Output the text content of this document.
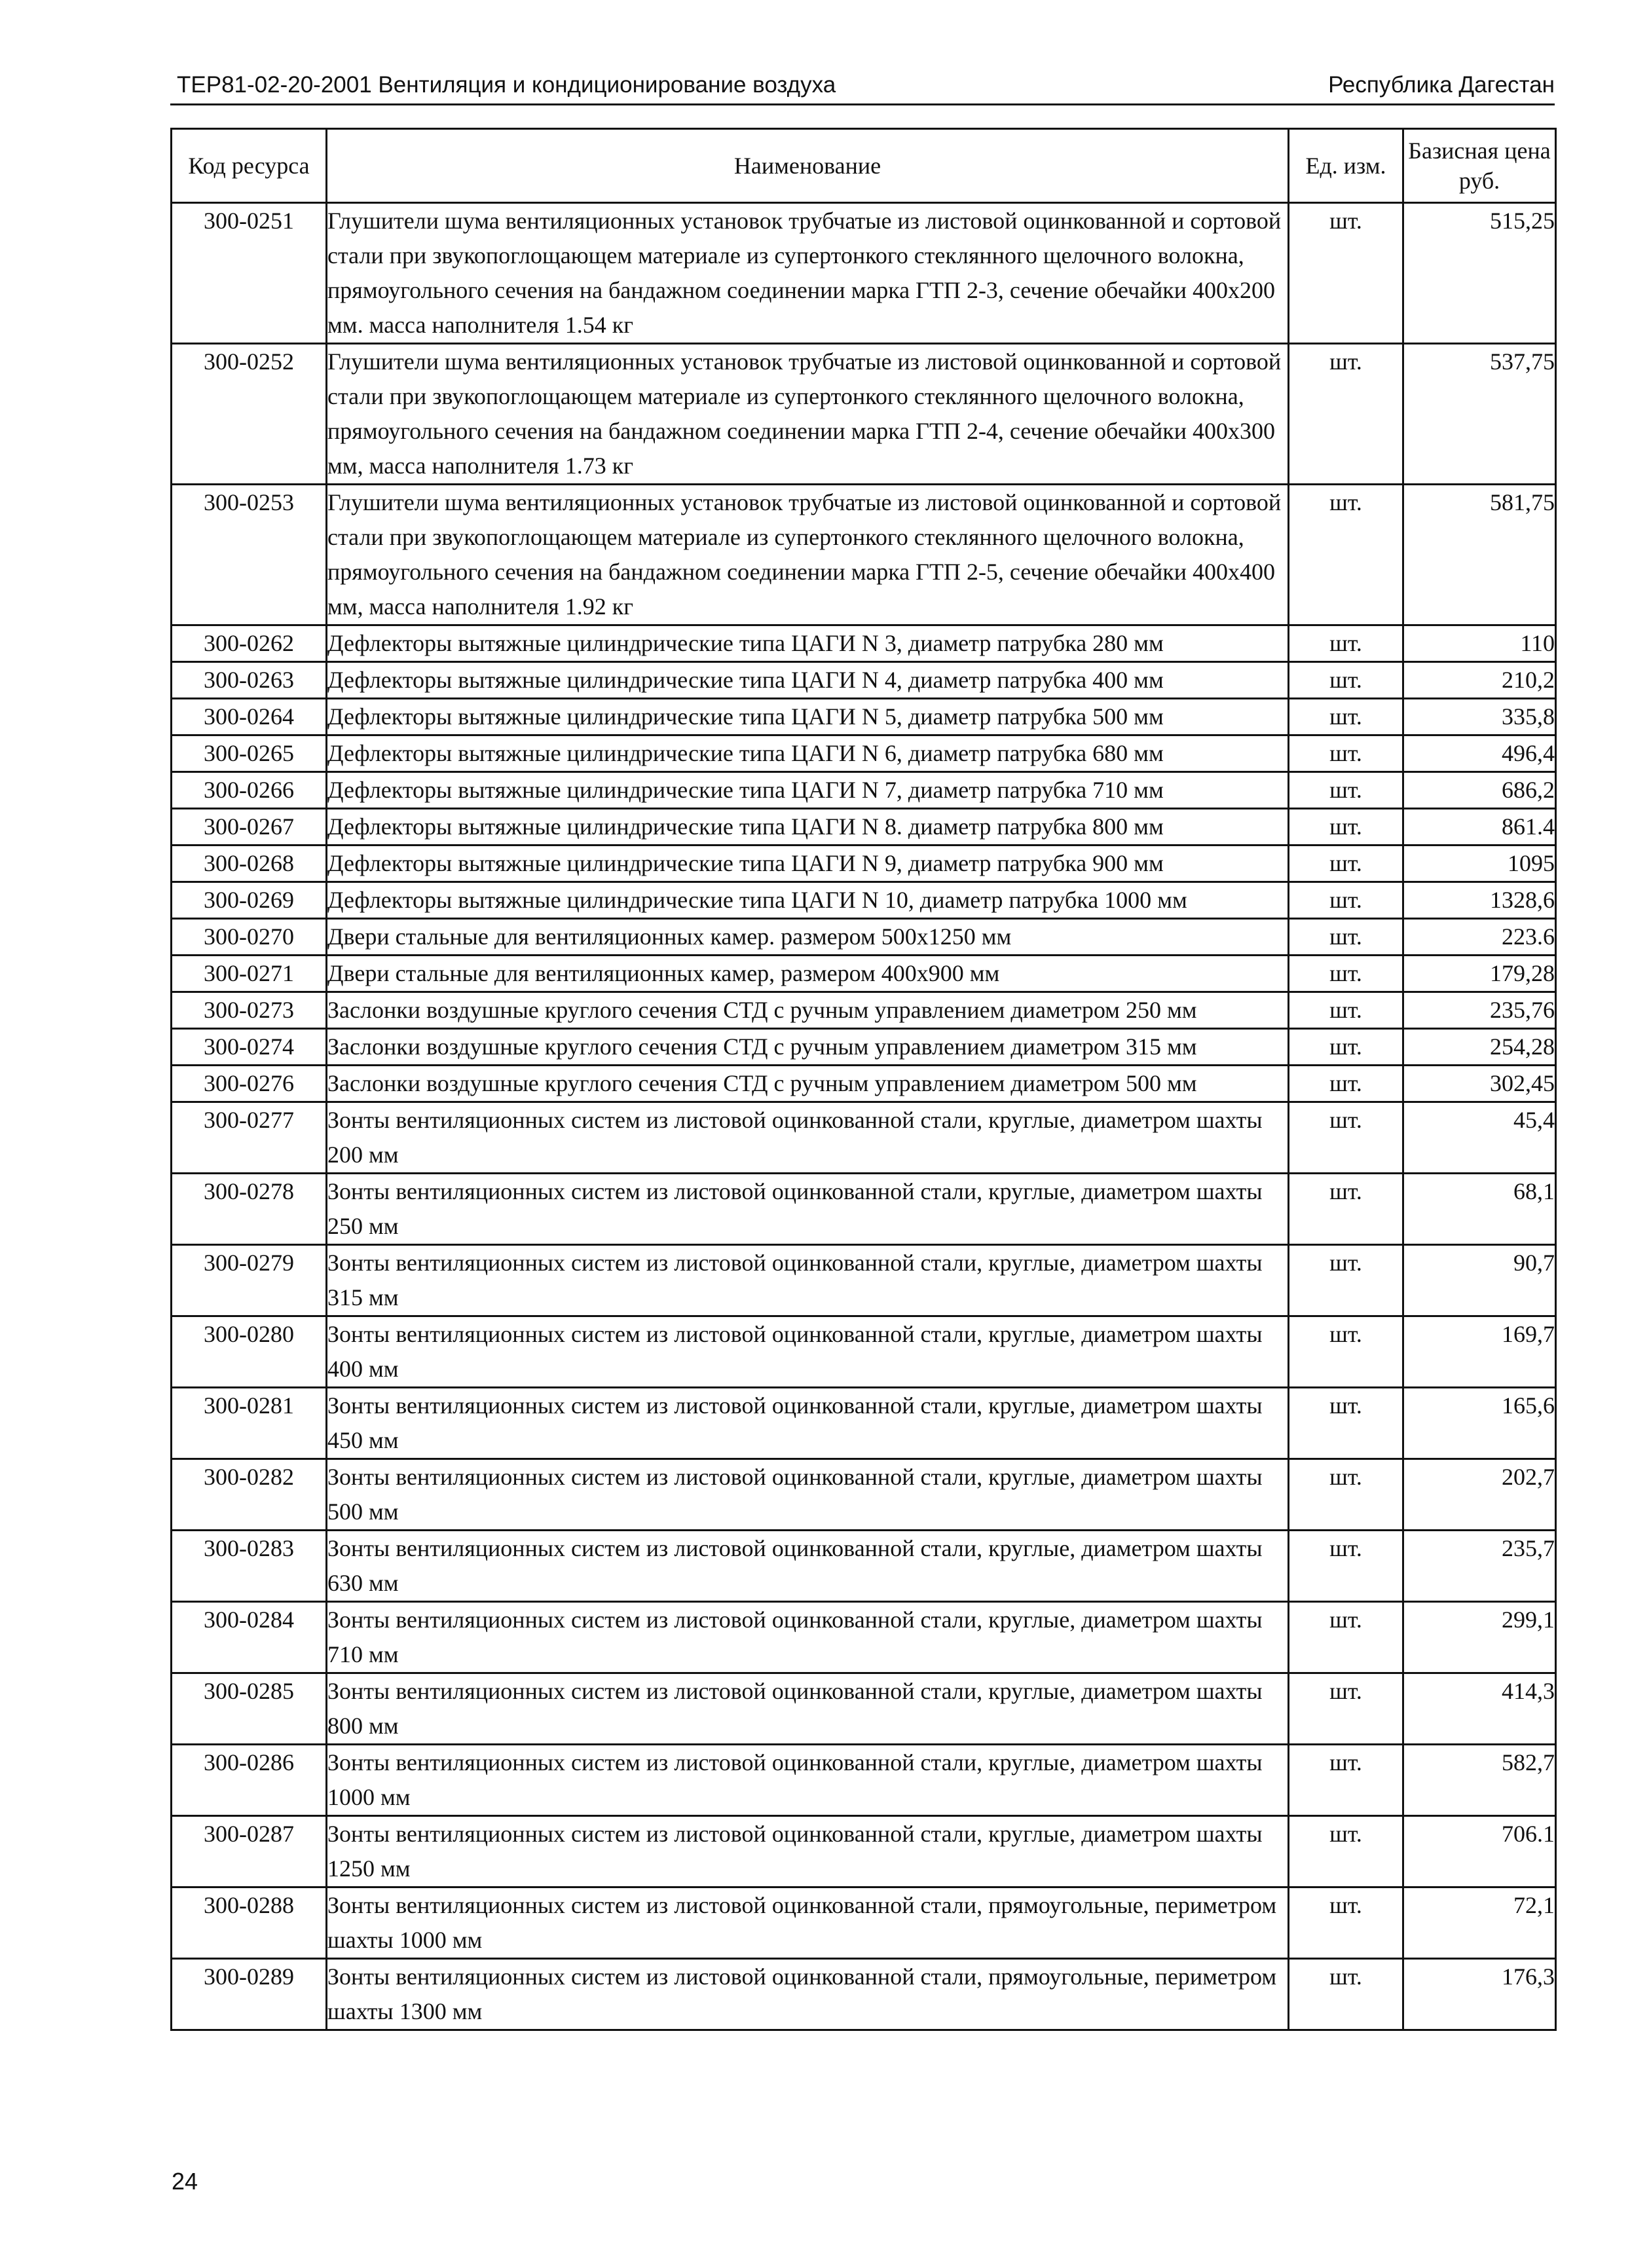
ТЕР81-02-20-2001 Вентиляция и кондиционирование воздуха	Республика Дагестан
Код ресурса	Наименование	Ед. изм.	Базисная цена руб.
300-0251	Глушители шума вентиляционных установок трубчатые из листовой оцинкованной и сортовой стали при звукопоглощающем материале из супертонкого стеклянного щелочного волокна, прямоугольного сечения на бандажном соединении марка ГТП 2-3, сечение обечайки 400х200 мм. масса наполнителя 1.54 кг	шт.	515,25
300-0252	Глушители шума вентиляционных установок трубчатые из листовой оцинкованной и сортовой стали при звукопоглощающем материале из супертонкого стеклянного щелочного волокна, прямоугольного сечения на бандажном соединении марка ГТП 2-4, сечение обечайки 400х300 мм, масса наполнителя 1.73 кг	шт.	537,75
300-0253	Глушители шума вентиляционных установок трубчатые из листовой оцинкованной и сортовой стали при звукопоглощающем материале из супертонкого стеклянного щелочного волокна, прямоугольного сечения на бандажном соединении марка ГТП 2-5, сечение обечайки 400х400 мм, масса наполнителя 1.92 кг	шт.	581,75
300-0262	Дефлекторы вытяжные цилиндрические типа ЦАГИ N 3, диаметр патрубка 280 мм	шт.	110
300-0263	Дефлекторы вытяжные цилиндрические типа ЦАГИ N 4, диаметр патрубка 400 мм	шт.	210,2
300-0264	Дефлекторы вытяжные цилиндрические типа ЦАГИ N 5, диаметр патрубка 500 мм	шт.	335,8
300-0265	Дефлекторы вытяжные цилиндрические типа ЦАГИ N 6, диаметр патрубка 680 мм	шт.	496,4
300-0266	Дефлекторы вытяжные цилиндрические типа ЦАГИ N 7, диаметр патрубка 710 мм	шт.	686,2
300-0267	Дефлекторы вытяжные цилиндрические типа ЦАГИ N 8. диаметр патрубка 800 мм	шт.	861.4
300-0268	Дефлекторы вытяжные цилиндрические типа ЦАГИ N 9, диаметр патрубка 900 мм	шт.	1095
300-0269	Дефлекторы вытяжные цилиндрические типа ЦАГИ N 10, диаметр патрубка 1000 мм	шт.	1328,6
300-0270	Двери стальные для вентиляционных камер. размером 500х1250 мм	шт.	223.6
300-0271	Двери стальные для вентиляционных камер, размером 400х900 мм	шт.	179,28
300-0273	Заслонки воздушные круглого сечения СТД с ручным управлением диаметром 250 мм	шт.	235,76
300-0274	Заслонки воздушные круглого сечения СТД с ручным управлением диаметром 315 мм	шт.	254,28
300-0276	Заслонки воздушные круглого сечения СТД с ручным управлением диаметром 500 мм	шт.	302,45
300-0277	Зонты вентиляционных систем из листовой оцинкованной стали, круглые, диаметром шахты 200 мм	шт.	45,4
300-0278	Зонты вентиляционных систем из листовой оцинкованной стали, круглые, диаметром шахты 250 мм	шт.	68,1
300-0279	Зонты вентиляционных систем из листовой оцинкованной стали, круглые, диаметром шахты 315 мм	шт.	90,7
300-0280	Зонты вентиляционных систем из листовой оцинкованной стали, круглые, диаметром шахты 400 мм	шт.	169,7
300-0281	Зонты вентиляционных систем из листовой оцинкованной стали, круглые, диаметром шахты 450 мм	шт.	165,6
300-0282	Зонты вентиляционных систем из листовой оцинкованной стали, круглые, диаметром шахты 500 мм	шт.	202,7
300-0283	Зонты вентиляционных систем из листовой оцинкованной стали, круглые, диаметром шахты 630 мм	шт.	235,7
300-0284	Зонты вентиляционных систем из листовой оцинкованной стали, круглые, диаметром шахты 710 мм	шт.	299,1
300-0285	Зонты вентиляционных систем из листовой оцинкованной стали, круглые, диаметром шахты 800 мм	шт.	414,3
300-0286	Зонты вентиляционных систем из листовой оцинкованной стали, круглые, диаметром шахты 1000 мм	шт.	582,7
300-0287	Зонты вентиляционных систем из листовой оцинкованной стали, круглые, диаметром шахты 1250 мм	шт.	706.1
300-0288	Зонты вентиляционных систем из листовой оцинкованной стали, прямоугольные, периметром шахты 1000 мм	шт.	72,1
300-0289	Зонты вентиляционных систем из листовой оцинкованной стали, прямоугольные, периметром шахты 1300 мм	шт.	176,3
24
